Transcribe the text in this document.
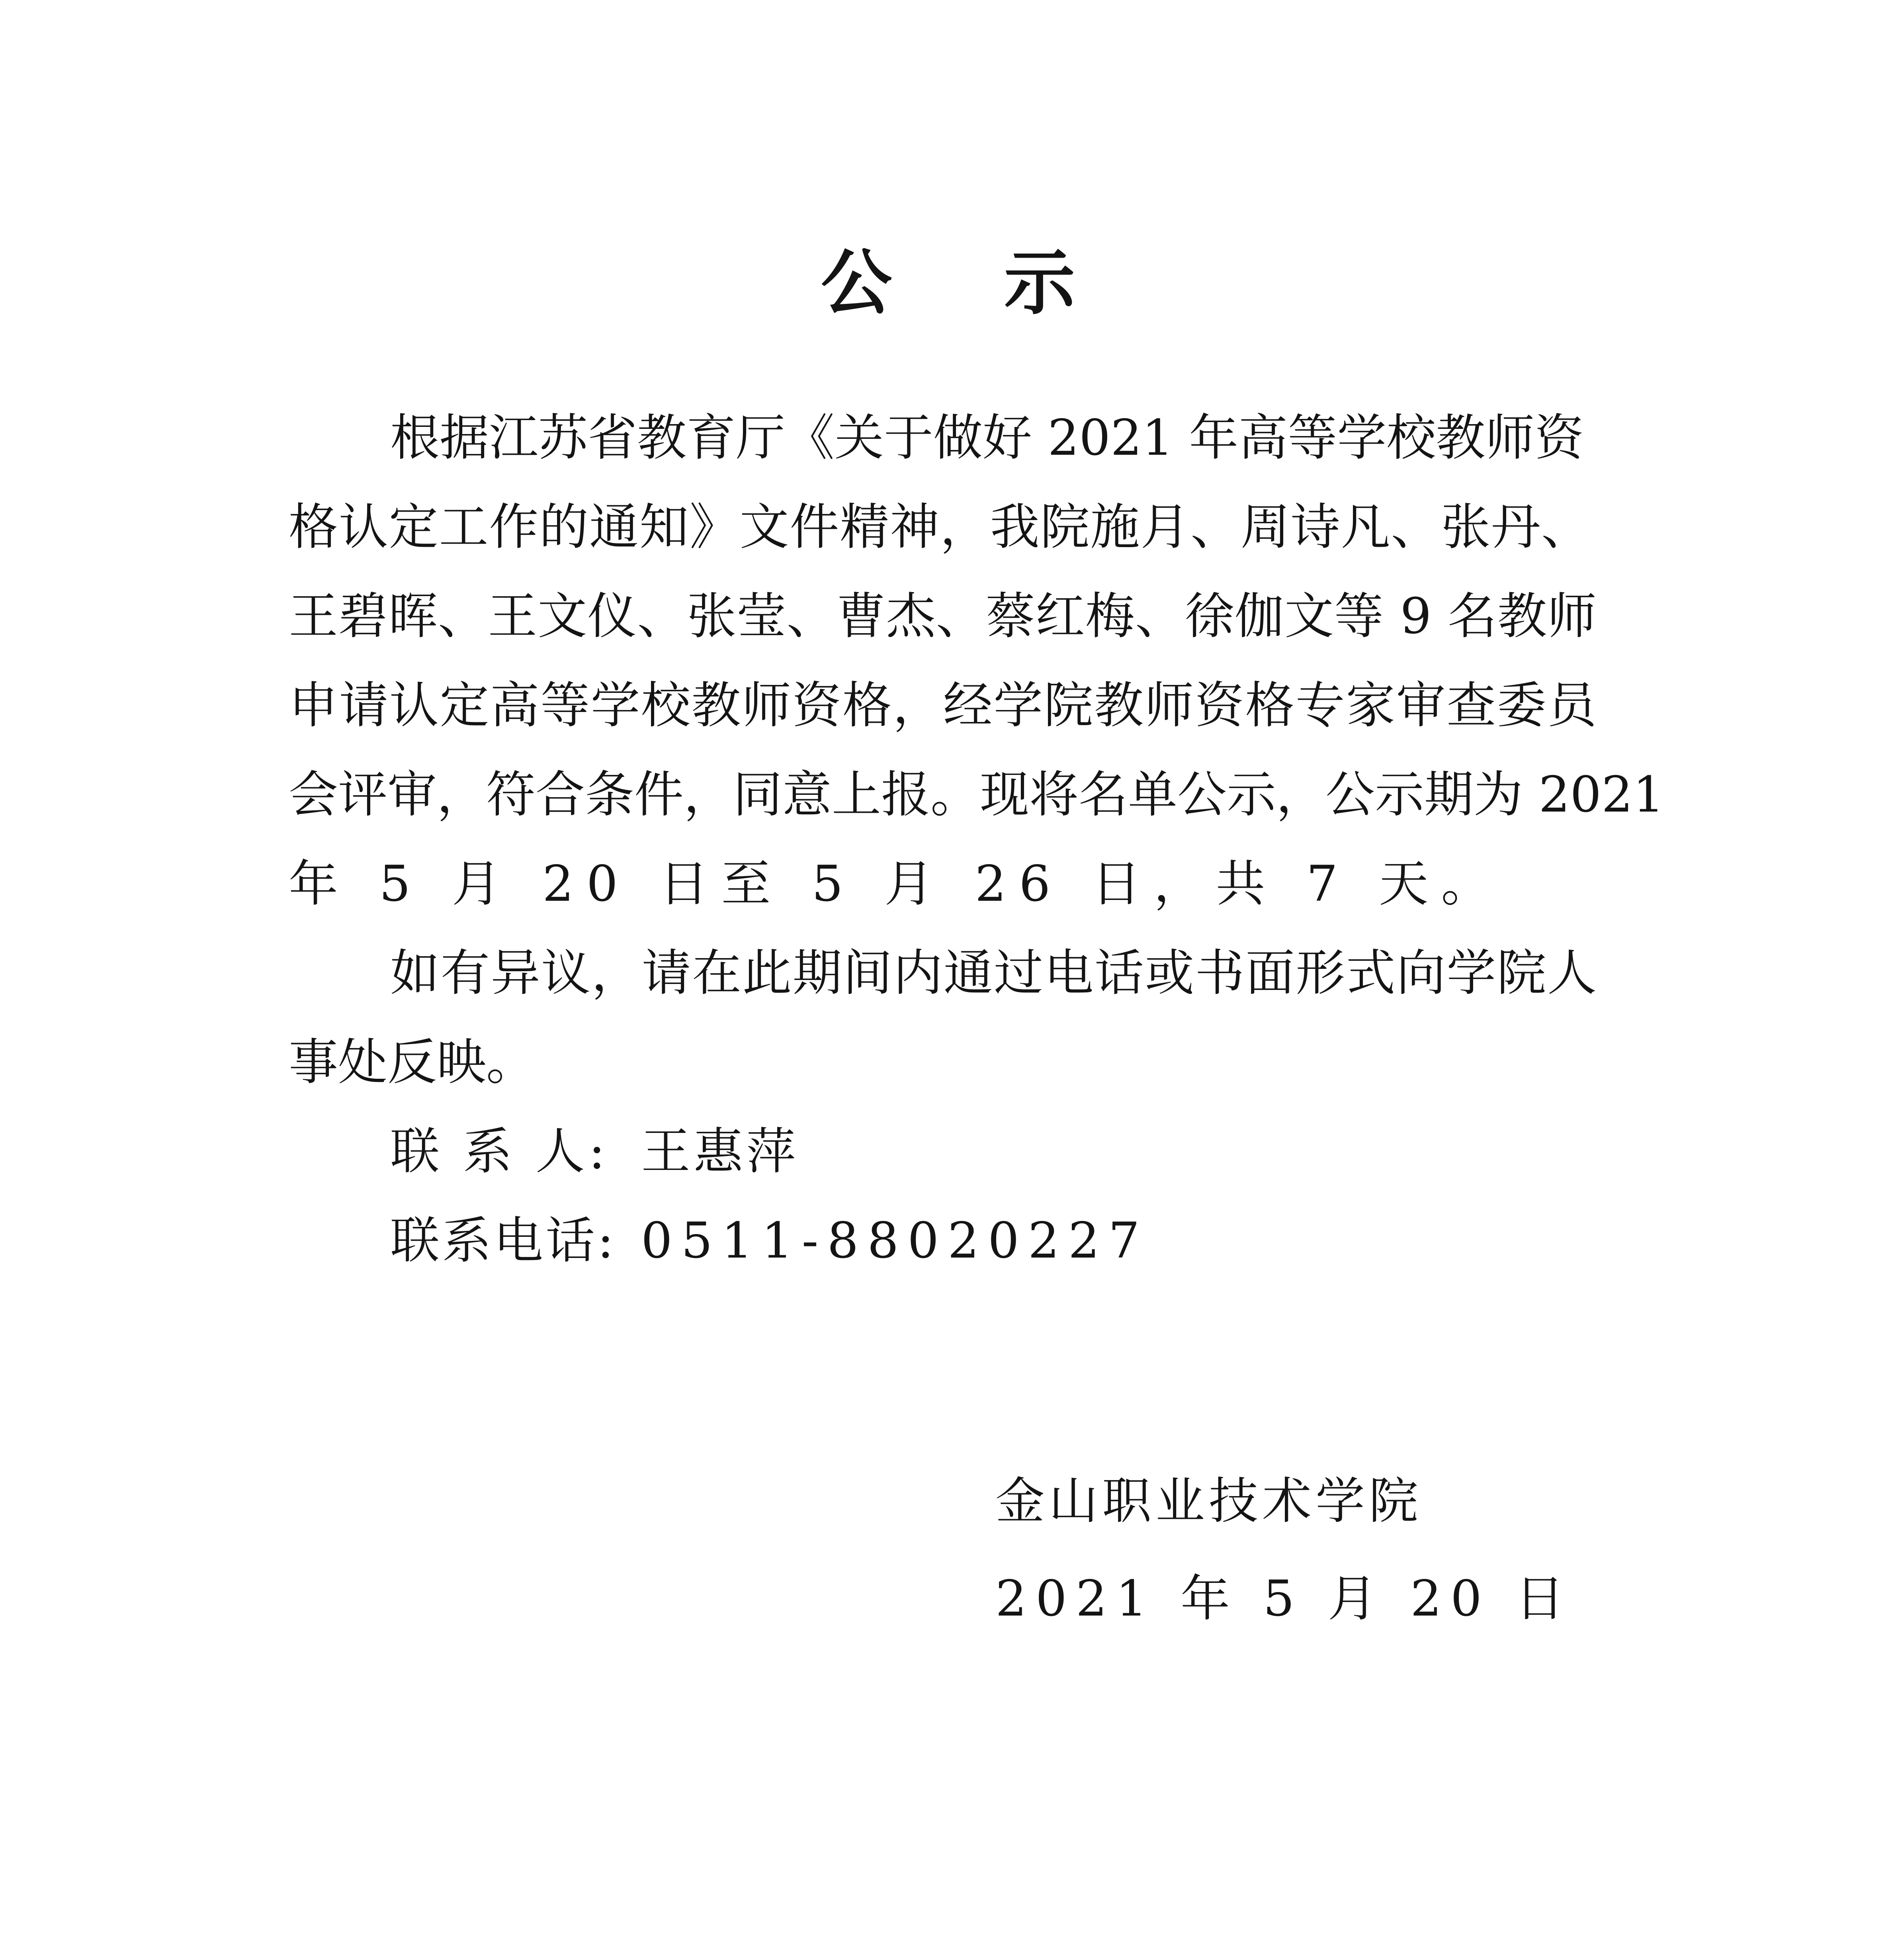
公 示
根据江苏省教育厅《关于做好 2021 年高等学校教师资
格认定工作的通知》文件精神，我院施月、周诗凡、张丹、
王碧晖、王文仪、张莹、曹杰、蔡红梅、徐伽文等 9 名教师
申请认定高等学校教师资格，经学院教师资格专家审查委员
会评审，符合条件，同意上报。现将名单公示，公示期为 2021
年 5 月 20 日至 5 月 26 日，共 7 天。
如有异议，请在此期间内通过电话或书面形式向学院人
事处反映。
联 系 人: 王惠萍
联系电话: 0511-88020227
金山职业技术学院
2021 年 5 月 20 日
